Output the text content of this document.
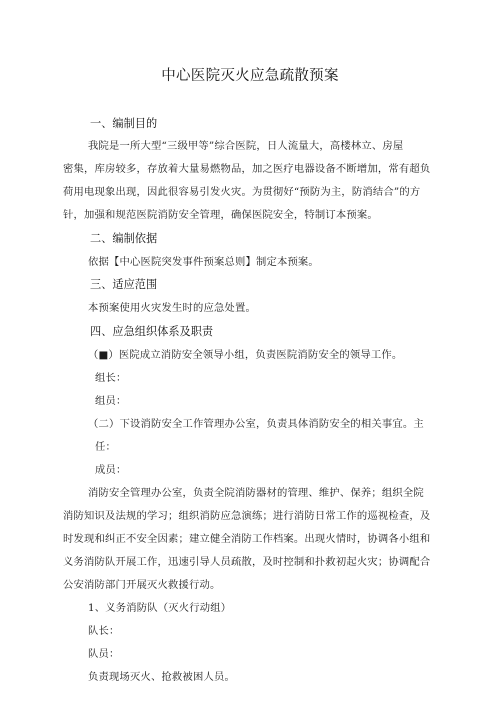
中心医院灭火应急疏散预案
一、编制目的
我院是一所大型“三级甲等”综合医院，日人流量大，高楼林立、房屋
密集，库房较多，存放着大量易燃物品，加之医疗电器设备不断增加，常有超负
荷用电现象出现，因此很容易引发火灾。为贯彻好“预防为主，防消结合”的方
针，加强和规范医院消防安全管理，确保医院安全，特制订本预案。
二、编制依据
依据【中心医院突发事件预案总则】制定本预案。
三、适应范围
本预案使用火灾发生时的应急处置。
四、应急组织体系及职责
（■）医院成立消防安全领导小组，负责医院消防安全的领导工作。
组长：
组员：
（二）下设消防安全工作管理办公室，负责具体消防安全的相关事宜。主
任：
成员：
消防安全管理办公室，负责全院消防器材的管理、维护、保养；组织全院
消防知识及法规的学习；组织消防应急演练；进行消防日常工作的巡视检查，及
时发现和纠正不安全因素；建立健全消防工作档案。出现火情时，协调各小组和
义务消防队开展工作，迅速引导人员疏散，及时控制和扑救初起火灾；协调配合
公安消防部门开展灭火救援行动。
1、义务消防队（灭火行动组）
队长：
队员：
负责现场灭火、抢救被困人员。
